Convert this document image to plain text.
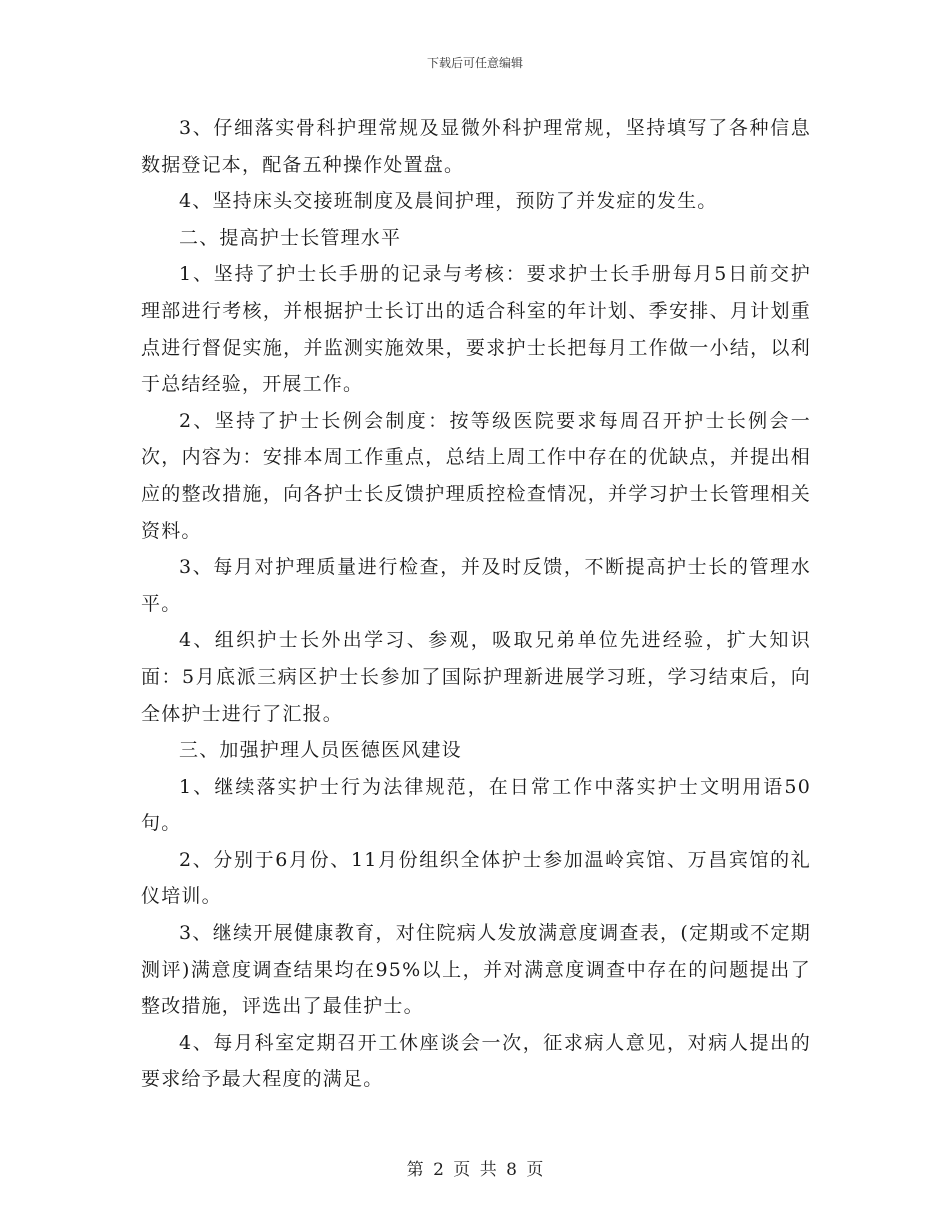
下载后可任意编辑

3、仔细落实骨科护理常规及显微外科护理常规，坚持填写了各种信息数据登记本，配备五种操作处置盘。

4、坚持床头交接班制度及晨间护理，预防了并发症的发生。

二、提高护士长管理水平

1、坚持了护士长手册的记录与考核：要求护士长手册每月5日前交护理部进行考核，并根据护士长订出的适合科室的年计划、季安排、月计划重点进行督促实施，并监测实施效果，要求护士长把每月工作做一小结，以利于总结经验，开展工作。

2、坚持了护士长例会制度：按等级医院要求每周召开护士长例会一次，内容为：安排本周工作重点，总结上周工作中存在的优缺点，并提出相应的整改措施，向各护士长反馈护理质控检查情况，并学习护士长管理相关资料。

3、每月对护理质量进行检查，并及时反馈，不断提高护士长的管理水平。

4、组织护士长外出学习、参观，吸取兄弟单位先进经验，扩大知识面：5月底派三病区护士长参加了国际护理新进展学习班，学习结束后，向全体护士进行了汇报。

三、加强护理人员医德医风建设

1、继续落实护士行为法律规范，在日常工作中落实护士文明用语50句。

2、分别于6月份、11月份组织全体护士参加温岭宾馆、万昌宾馆的礼仪培训。

3、继续开展健康教育，对住院病人发放满意度调查表，(定期或不定期测评)满意度调查结果均在95%以上，并对满意度调查中存在的问题提出了整改措施，评选出了最佳护士。

4、每月科室定期召开工休座谈会一次，征求病人意见，对病人提出的要求给予最大程度的满足。

第 2 页 共 8 页
